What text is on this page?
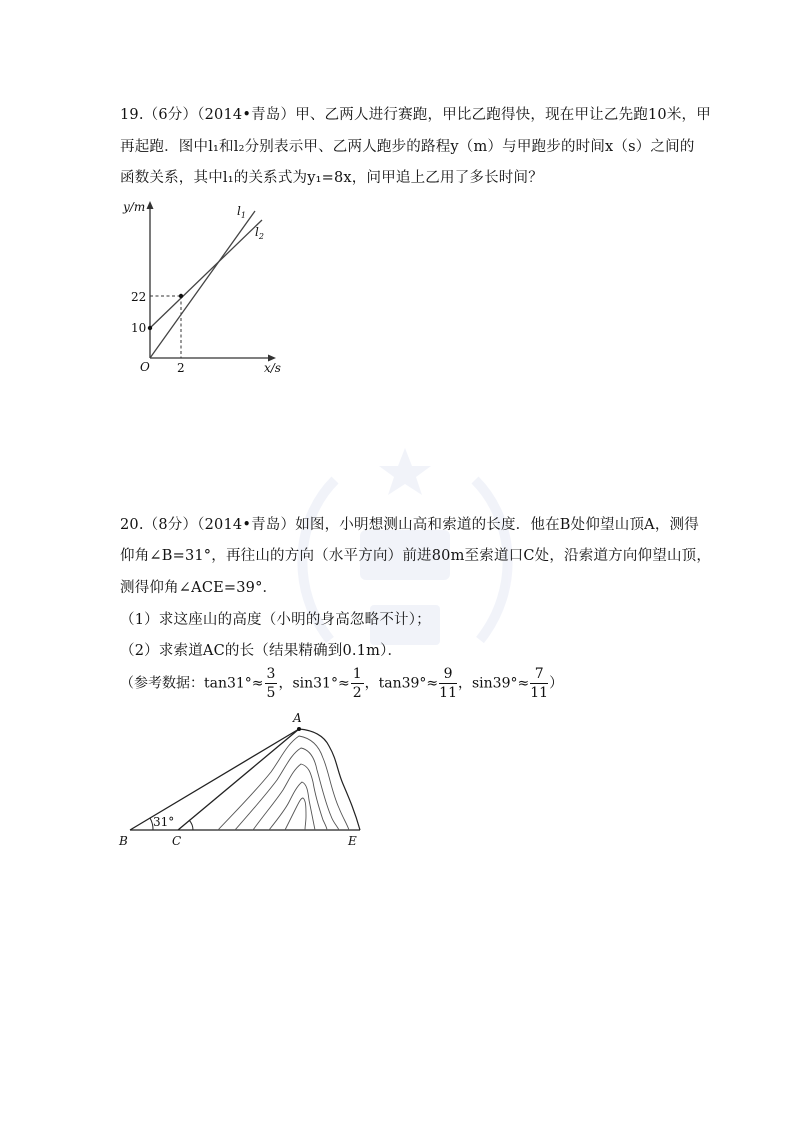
19.（6分）（2014•青岛）甲、乙两人进行赛跑，甲比乙跑得快，现在甲让乙先跑10米，甲
再起跑．图中l₁和l₂分别表示甲、乙两人跑步的路程y（m）与甲跑步的时间x（s）之间的
函数关系，其中l₁的关系式为y₁=8x，问甲追上乙用了多长时间？
y/m
x/s
O 2
22
10
$l_1$
$l_2$
20.（8分）（2014•青岛）如图，小明想测山高和索道的长度．他在B处仰望山顶A，测得
仰角∠B=31°，再往山的方向（水平方向）前进80m至索道口C处，沿索道方向仰望山顶，
测得仰角∠ACE=39°．
（1）求这座山的高度（小明的身高忽略不计）；
（2）求索道AC的长（结果精确到0.1m）．
（参考数据：$\tan 31^\circ\approx \frac{3}{5}$ ，$\sin 31^\circ\approx \frac{1}{2}$ ，$\tan 39^\circ\approx \frac{9}{11}$ ，$\sin 39^\circ\approx \frac{7}{11}$ ）
A
B	C	E
31°
